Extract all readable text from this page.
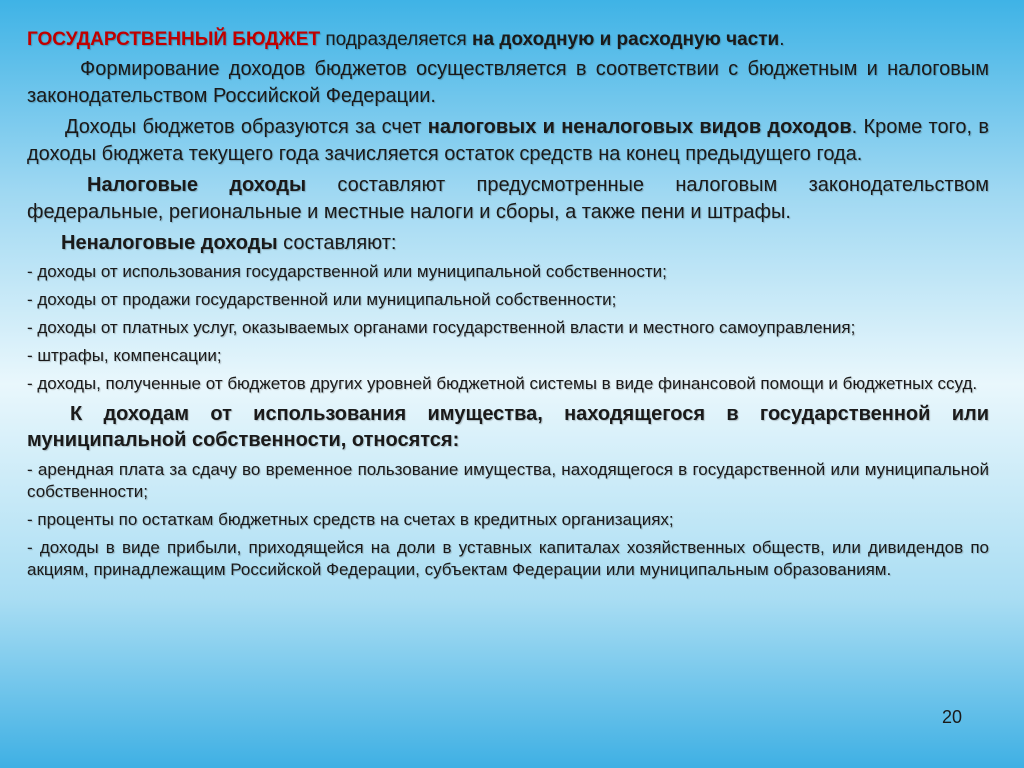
ГОСУДАРСТВЕННЫЙ БЮДЖЕТ подразделяется на доходную и расходную части.

Формирование доходов бюджетов осуществляется в соответствии с бюджетным и налоговым законодательством Российской Федерации.

Доходы бюджетов образуются за счет налоговых и неналоговых видов доходов. Кроме того, в доходы бюджета текущего года зачисляется остаток средств на конец предыдущего года.

Налоговые доходы составляют предусмотренные налоговым законодательством федеральные, региональные и местные налоги и сборы, а также пени и штрафы.

Неналоговые доходы составляют:

- доходы от использования государственной или муниципальной собственности;

- доходы от продажи государственной или муниципальной собственности;

- доходы от платных услуг, оказываемых органами государственной власти и местного самоуправления;

- штрафы, компенсации;

- доходы, полученные от бюджетов других уровней бюджетной системы в виде финансовой помощи и бюджетных ссуд.

К доходам от использования имущества, находящегося в государственной или муниципальной собственности, относятся:

- арендная плата за сдачу во временное пользование имущества, находящегося в государственной или муниципальной собственности;

- проценты по остаткам бюджетных средств на счетах в кредитных организациях;

- доходы в виде прибыли, приходящейся на доли в уставных капиталах хозяйственных обществ, или дивидендов по акциям, принадлежащим Российской Федерации, субъектам Федерации или муниципальным образованиям.

20
